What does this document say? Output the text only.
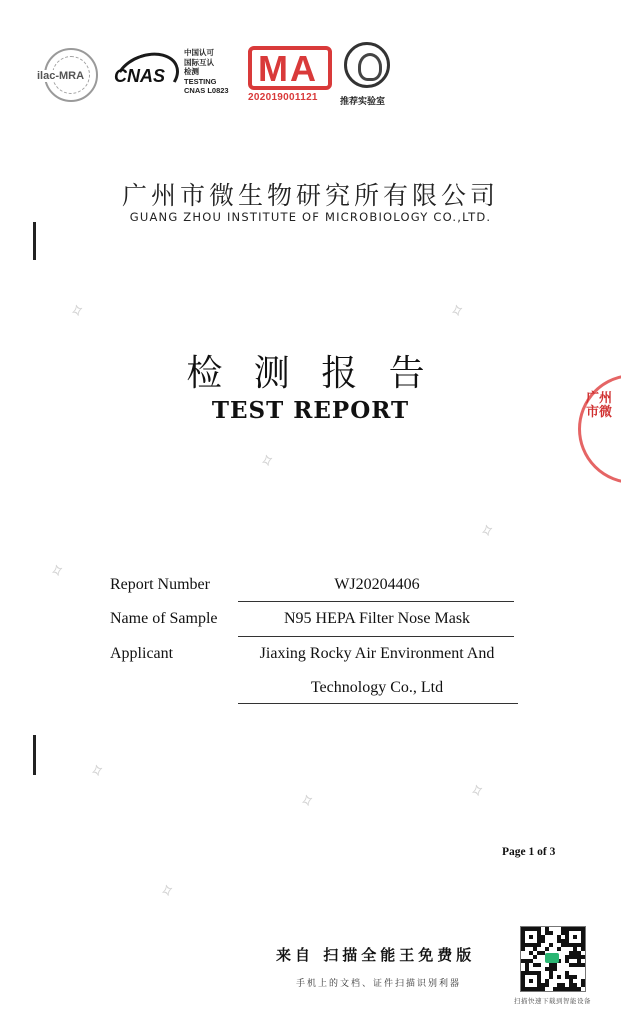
ilac-MRA CNAS
中国认可
国际互认
检测
TESTING
CNAS L0823
MA
202019001121 推荐实验室
广州市微生物研究所有限公司
GUANG ZHOU INSTITUTE OF MICROBIOLOGY CO.,LTD.
检 测 报 告
TEST REPORT
Report Number	WJ20204406
Name of Sample	N95 HEPA Filter Nose Mask
Applicant	Jiaxing Rocky Air Environment And
Technology Co., Ltd
Page 1 of 3
广州市微
⟡
⟡
⟡
⟡
⟡
⟡
⟡	⟡
⟡
来自 扫描全能王免费版
手机上的文档、证件扫描识别利器
扫描快速下载到智能设备
